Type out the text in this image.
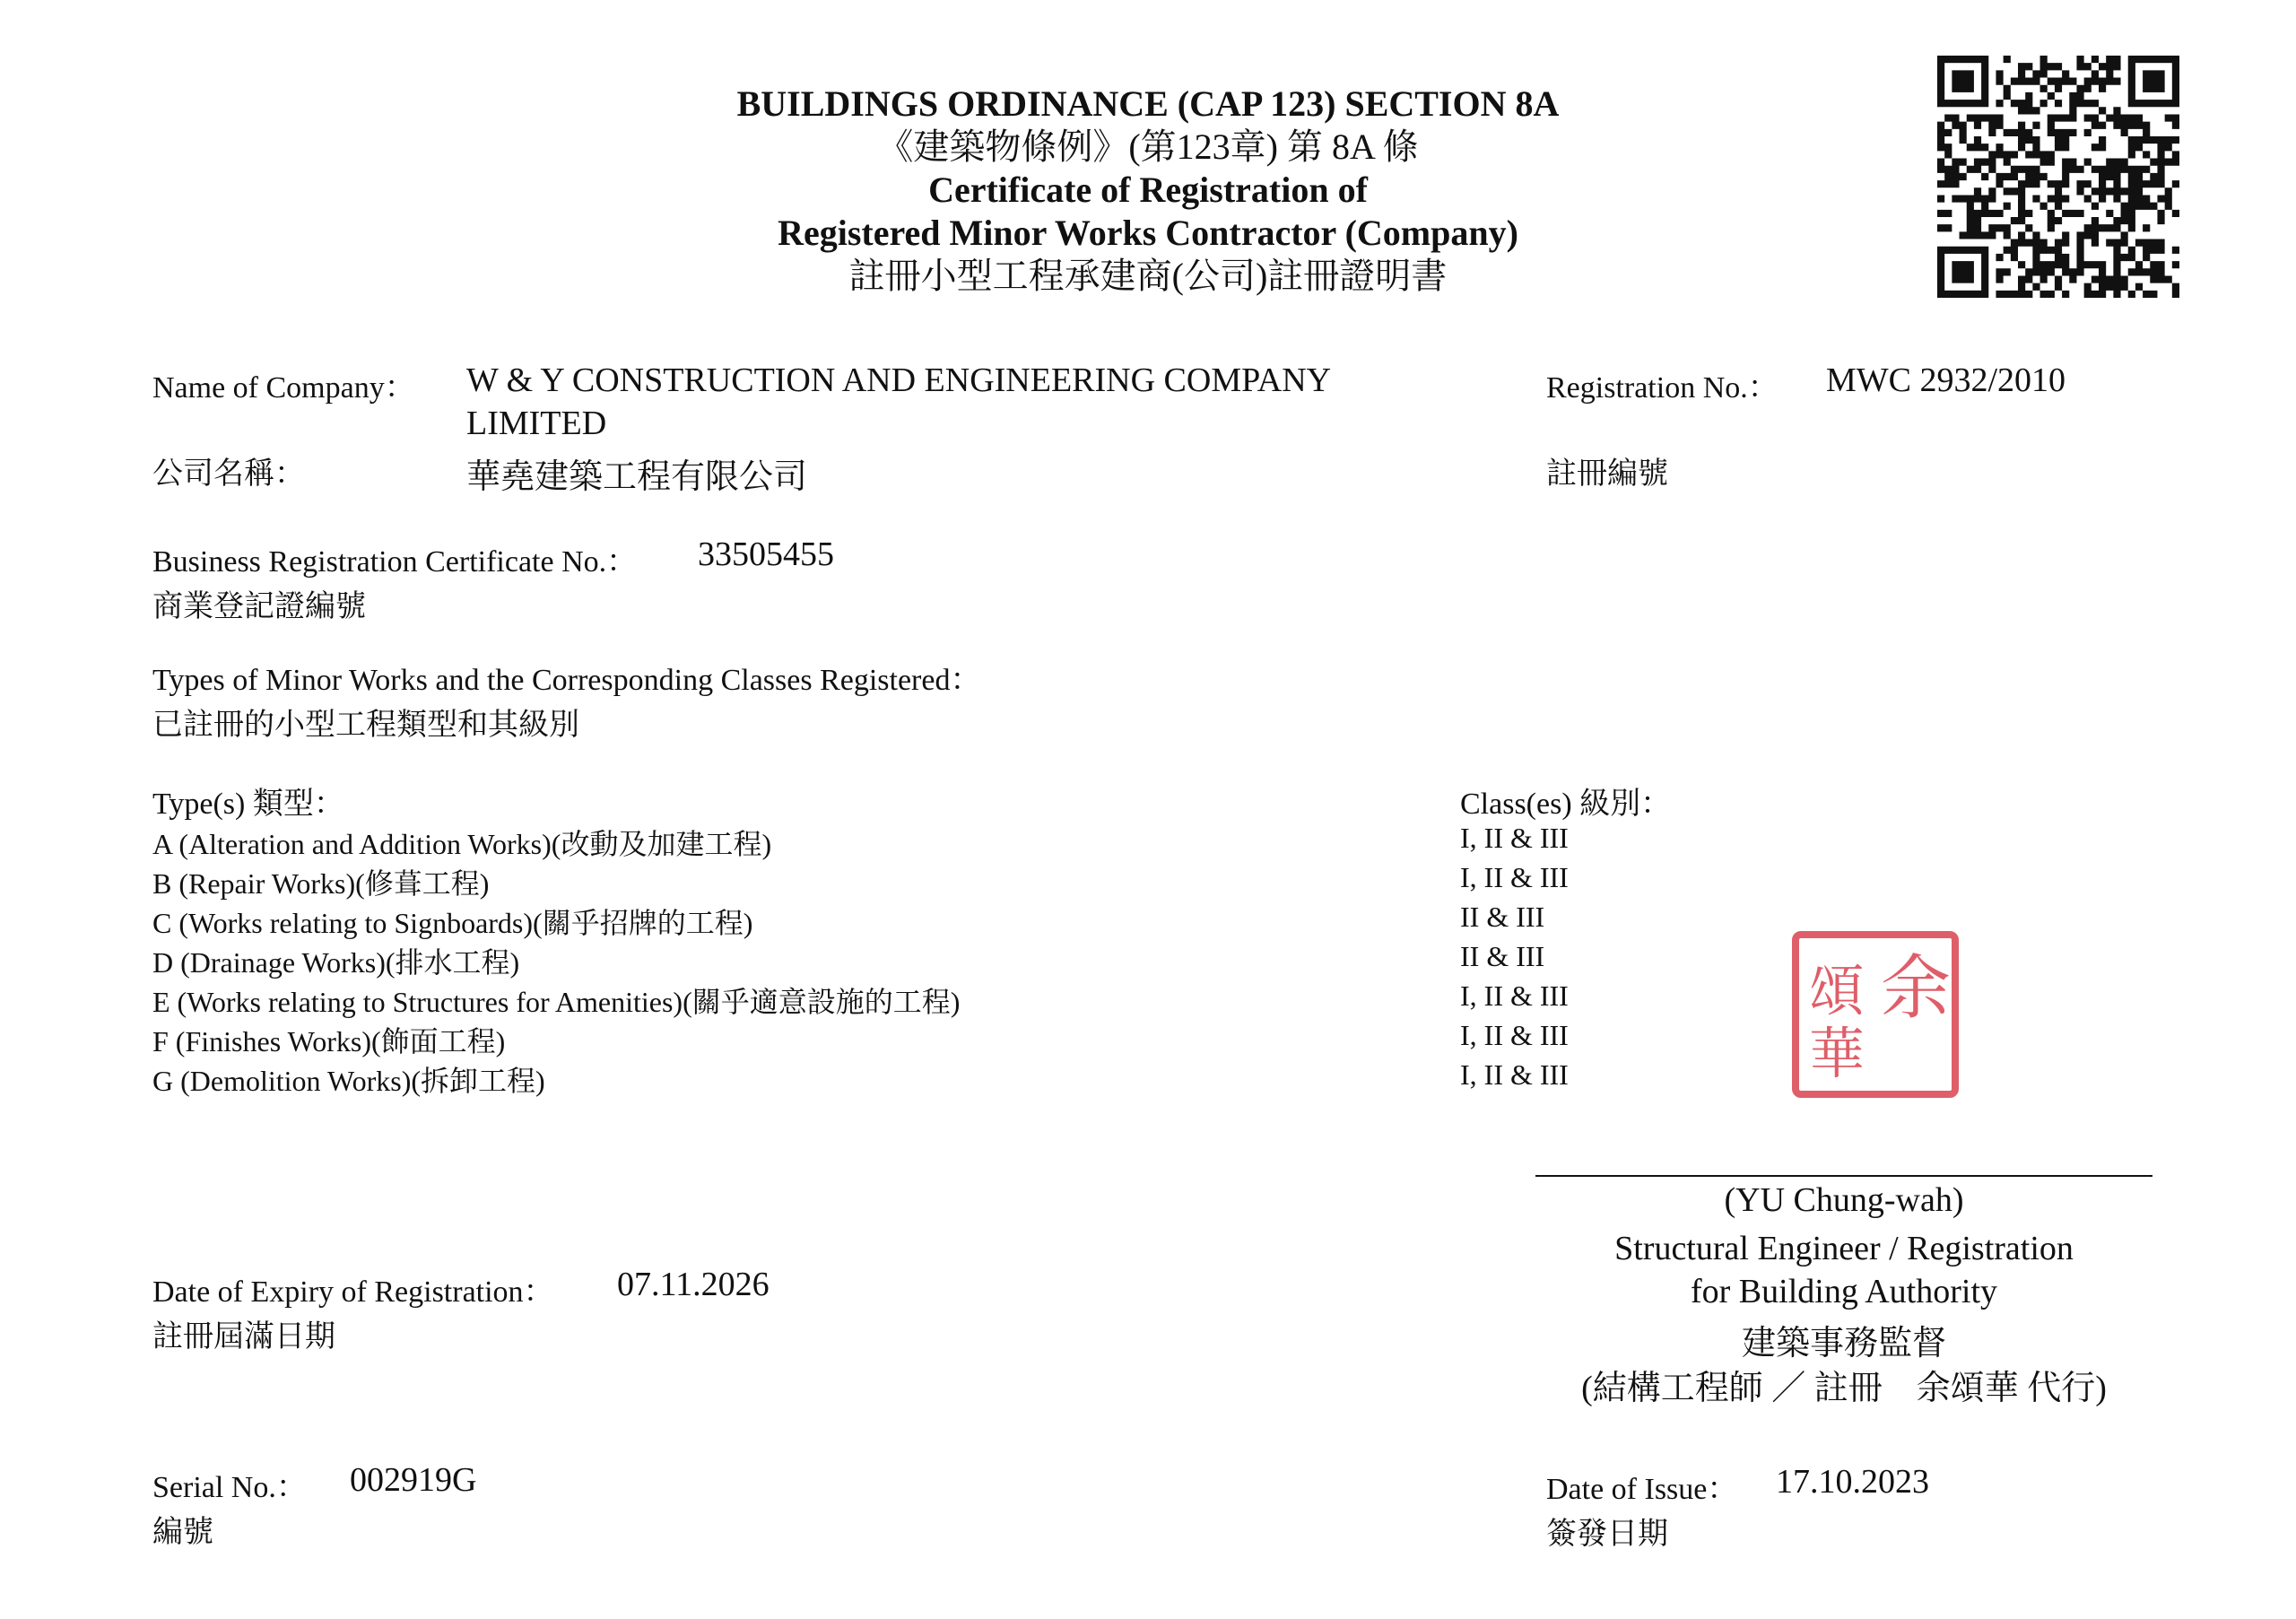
BUILDINGS ORDINANCE (CAP 123) SECTION 8A
《建築物條例》(第123章) 第 8A 條
Certificate of Registration of
Registered Minor Works Contractor (Company)
註冊小型工程承建商(公司)註冊證明書
Name of Company：
公司名稱：
W & Y CONSTRUCTION AND ENGINEERING COMPANY
LIMITED
華堯建築工程有限公司
Registration No.：
註冊編號
MWC 2932/2010
Business Registration Certificate No.：
商業登記證編號
33505455
Types of Minor Works and the Corresponding Classes Registered：
已註冊的小型工程類型和其級別
Type(s) 類型：	Class(es) 級別：
A (Alteration and Addition Works)(改動及加建工程)	I, II & III
B (Repair Works)(修葺工程)	I, II & III
C (Works relating to Signboards)(關乎招牌的工程)	II & III
D (Drainage Works)(排水工程)	II & III
E (Works relating to Structures for Amenities)(關乎適意設施的工程)	I, II & III
F (Finishes Works)(飾面工程)	I, II & III
G (Demolition Works)(拆卸工程)	I, II & III
余
頌
華
(YU Chung-wah)
Structural Engineer / Registration
for Building Authority
建築事務監督
(結構工程師 ／ 註冊　余頌華 代行)
Date of Expiry of Registration：
註冊屆滿日期
07.11.2026
Serial No.：
編號
002919G	Date of Issue：
簽發日期
17.10.2023
